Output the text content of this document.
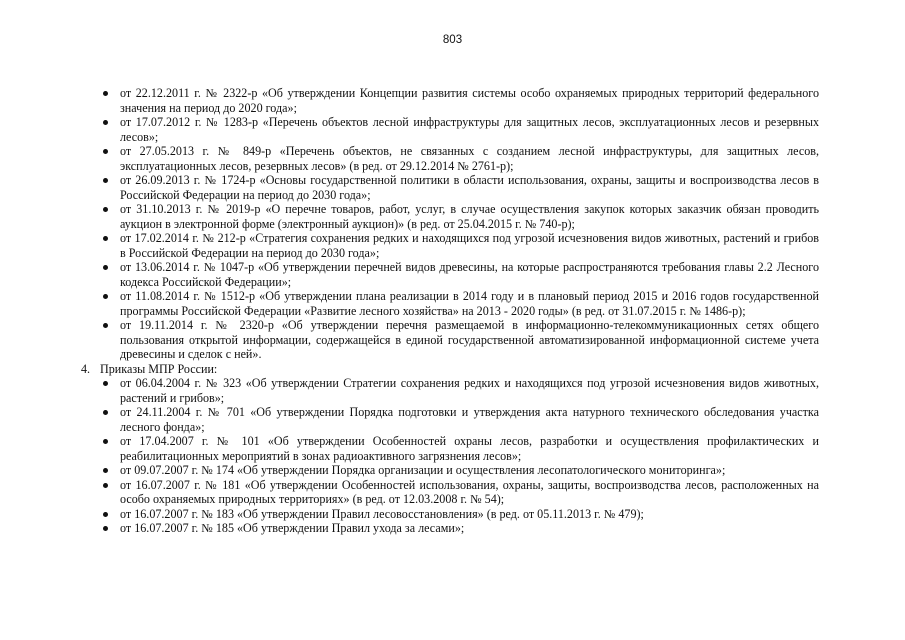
803
от 22.12.2011 г. № 2322-р «Об утверждении Концепции развития системы особо охраняемых природных территорий федерального значения на период до 2020 года»;
от 17.07.2012 г. № 1283-р «Перечень объектов лесной инфраструктуры для защитных лесов, эксплуатационных лесов и резервных лесов»;
от 27.05.2013 г. № 849-р «Перечень объектов, не связанных с созданием лесной инфраструктуры, для защитных лесов, эксплуатационных лесов, резервных лесов» (в ред. от 29.12.2014 № 2761-р);
от 26.09.2013 г. № 1724-р «Основы государственной политики в области использования, охраны, защиты и воспроизводства лесов в Российской Федерации на период до 2030 года»;
от 31.10.2013 г. № 2019-р «О перечне товаров, работ, услуг, в случае осуществления закупок которых заказчик обязан проводить аукцион в электронной форме (электронный аукцион)» (в ред. от 25.04.2015 г. № 740-р);
от 17.02.2014 г. № 212-р «Стратегия сохранения редких и находящихся под угрозой исчезновения видов животных, растений и грибов в Российской Федерации на период до 2030 года»;
от 13.06.2014 г. № 1047-р «Об утверждении перечней видов древесины, на которые распространяются требования главы 2.2 Лесного кодекса Российской Федерации»;
от 11.08.2014 г. № 1512-р «Об утверждении плана реализации в 2014 году и в плановый период 2015 и 2016 годов государственной программы Российской Федерации «Развитие лесного хозяйства» на 2013 - 2020 годы» (в ред. от 31.07.2015 г. № 1486-р);
от 19.11.2014 г. № 2320-р «Об утверждении перечня размещаемой в информационно-телекоммуникационных сетях общего пользования открытой информации, содержащейся в единой государственной автоматизированной информационной системе учета древесины и сделок с ней».
4. Приказы МПР России:
от 06.04.2004 г. № 323 «Об утверждении Стратегии сохранения редких и находящихся под угрозой исчезновения видов животных, растений и грибов»;
от 24.11.2004 г. № 701 «Об утверждении Порядка подготовки и утверждения акта натурного технического обследования участка лесного фонда»;
от 17.04.2007 г. № 101 «Об утверждении Особенностей охраны лесов, разработки и осуществления профилактических и реабилитационных мероприятий в зонах радиоактивного загрязнения лесов»;
от 09.07.2007 г. № 174 «Об утверждении Порядка организации и осуществления лесопатологического мониторинга»;
от 16.07.2007 г. № 181 «Об утверждении Особенностей использования, охраны, защиты, воспроизводства лесов, расположенных на особо охраняемых природных территориях» (в ред. от 12.03.2008 г. № 54);
от 16.07.2007 г. № 183 «Об утверждении Правил лесовосстановления» (в ред. от 05.11.2013 г. № 479);
от 16.07.2007 г. № 185 «Об утверждении Правил ухода за лесами»;
